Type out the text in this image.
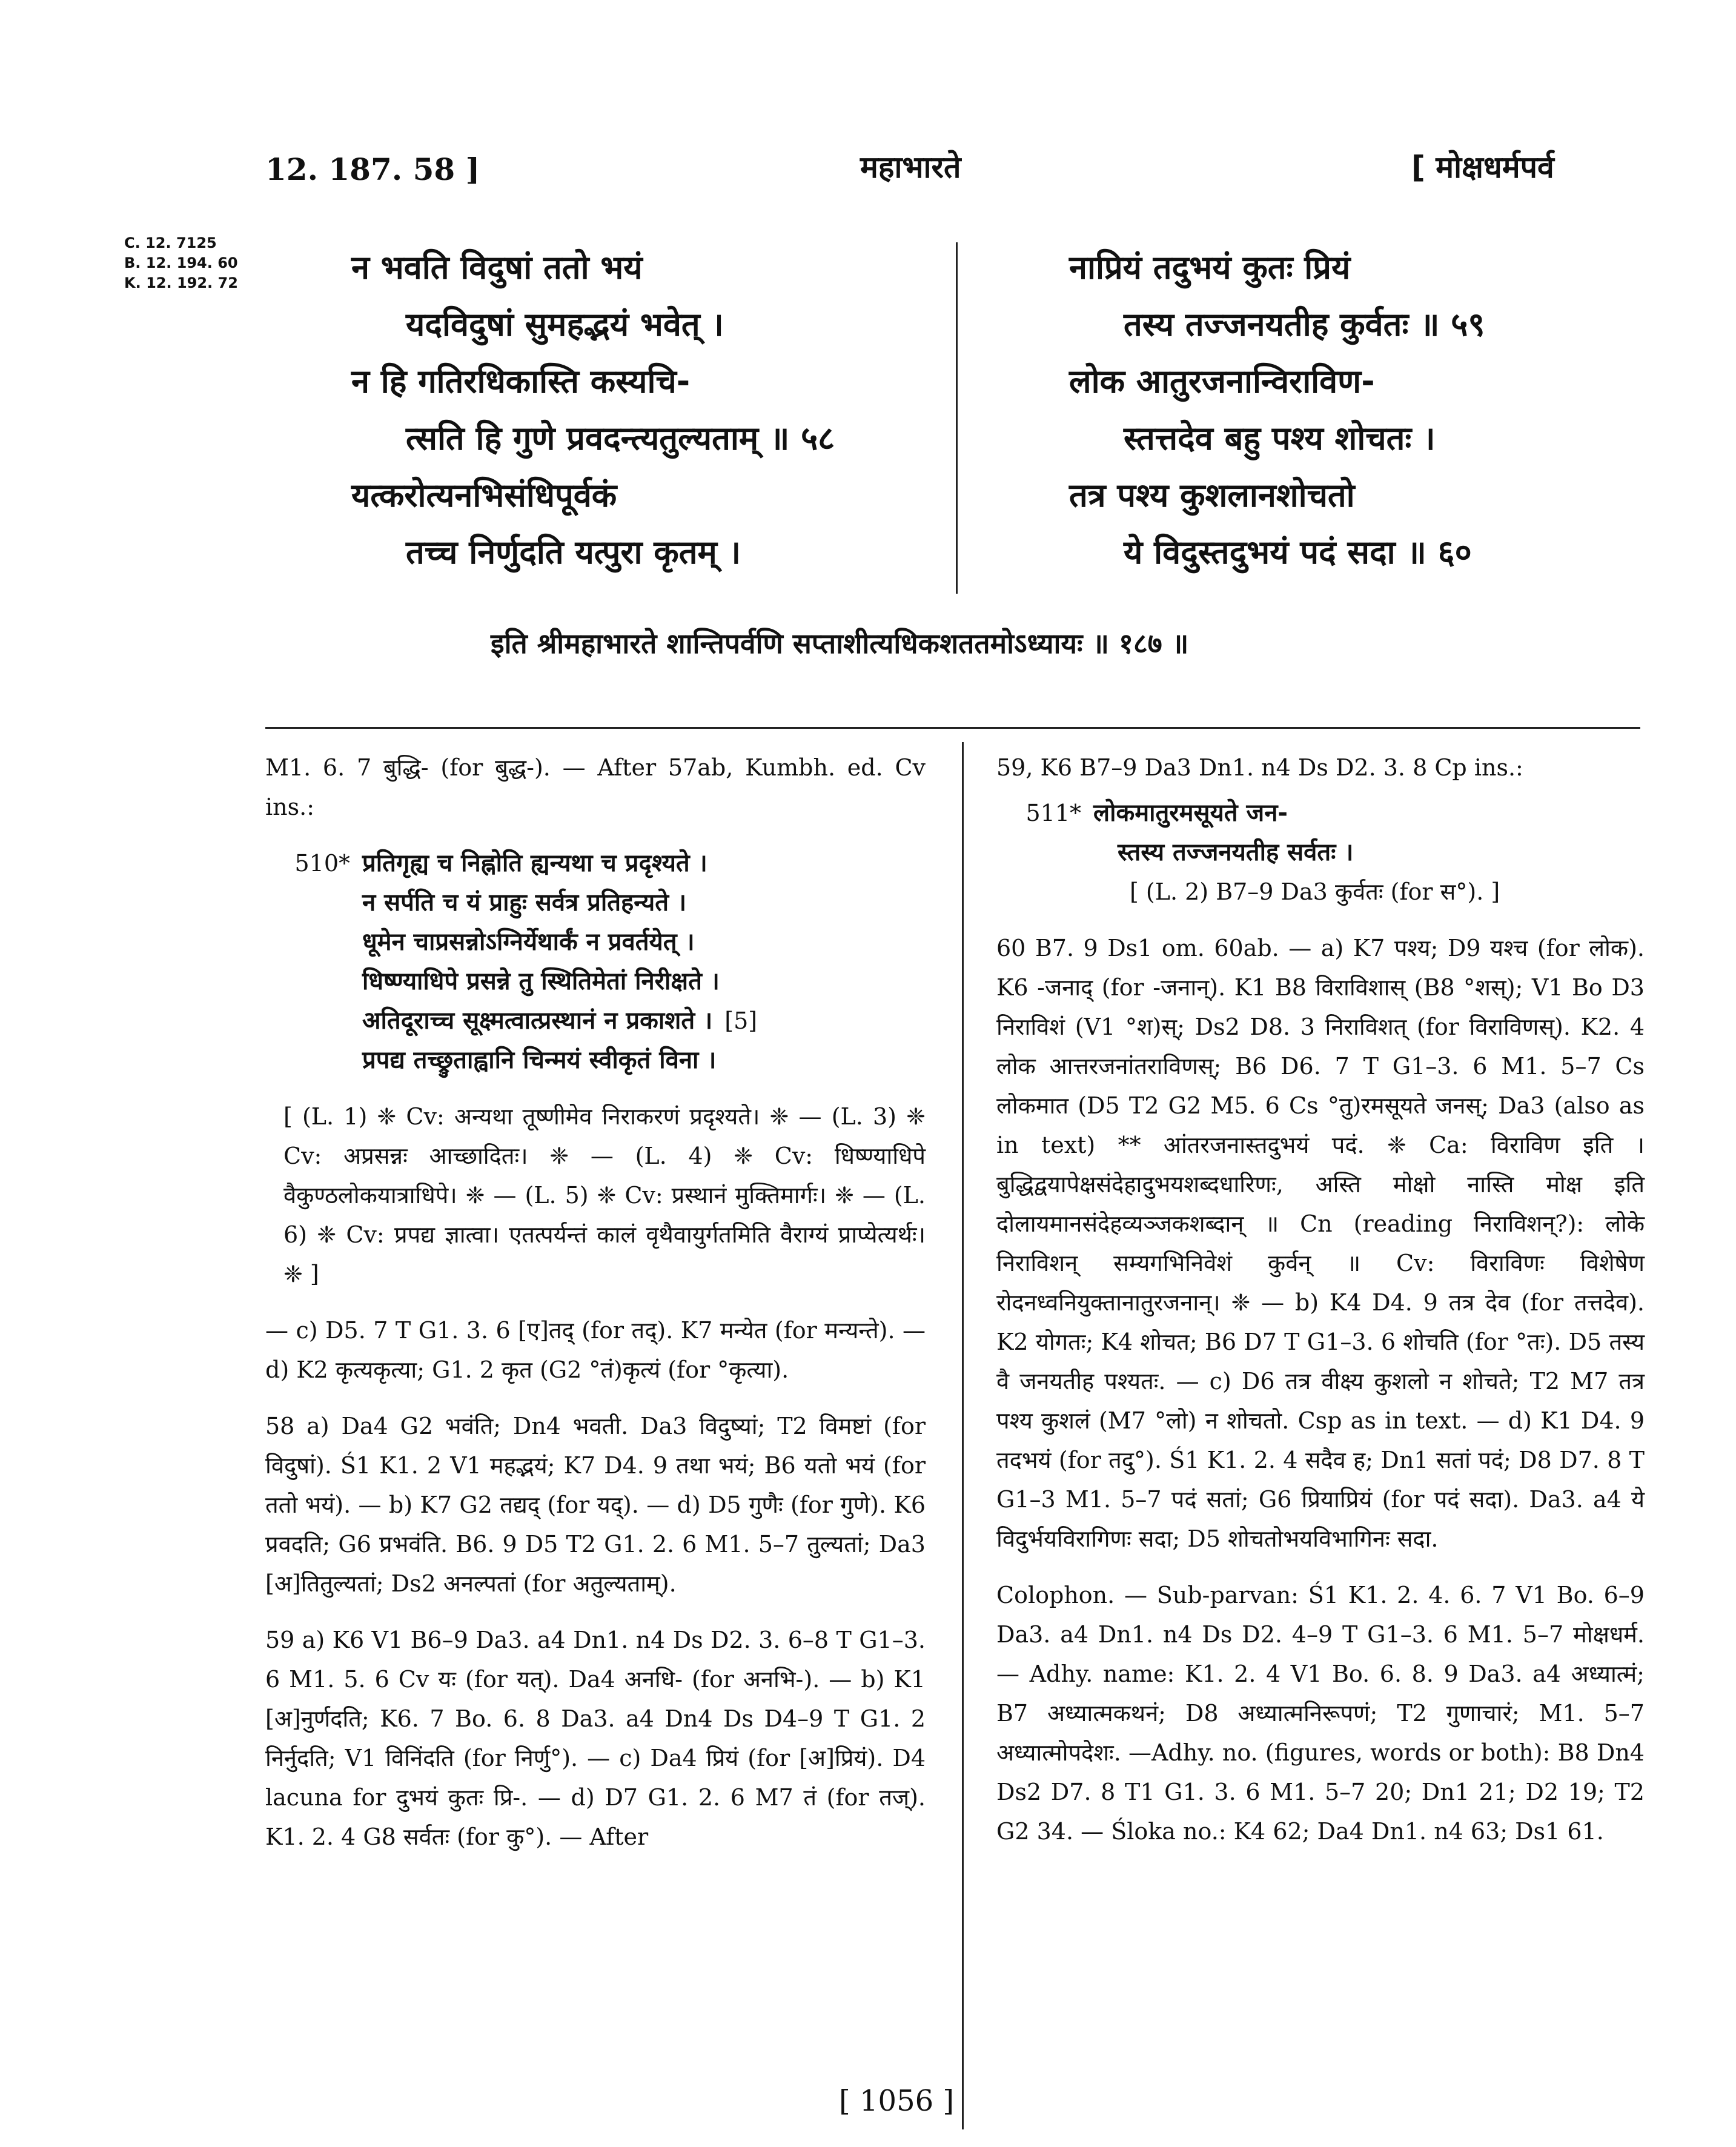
12. 187. 58 ]	महाभारते	[ मोक्षधर्मपर्व
C. 12. 7125
B. 12. 194. 60
K. 12. 192. 72	न भवति विदुषां ततो भयं
यदविदुषां सुमहद्भयं भवेत् ।
न हि गतिरधिकास्ति कस्यचि-
त्सति हि गुणे प्रवदन्त्यतुल्यताम् ॥ ५८
यत्करोत्यनभिसंधिपूर्वकं
तच्च निर्णुदति यत्पुरा कृतम् ।
नाप्रियं तदुभयं कुतः प्रियं
तस्य तज्जनयतीह कुर्वतः ॥ ५९
लोक आतुरजनान्विराविण-
स्तत्तदेव बहु पश्य शोचतः ।
तत्र पश्य कुशलानशोचतो
ये विदुस्तदुभयं पदं सदा ॥ ६०
इति श्रीमहाभारते शान्तिपर्वणि सप्ताशीत्यधिकशततमोऽध्यायः ॥ १८७ ॥

M1. 6. 7 बुद्धि- (for बुद्ध-). — After 57ab, Kumbh. ed. Cv ins.:

510* प्रतिगृह्य च निह्नोति ह्यन्यथा च प्रदृश्यते ।
न सर्पति च यं प्राहुः सर्वत्र प्रतिहन्यते ।
धूमेन चाप्रसन्नोऽग्निर्येथार्कं न प्रवर्तयेत् ।
धिष्ण्याधिपे प्रसन्ने तु स्थितिमेतां निरीक्षते ।
अतिदूराच्च सूक्ष्मत्वात्प्रस्थानं न प्रकाशते । [5]
प्रपद्य तच्छ्रुताह्वानि चिन्मयं स्वीकृतं विना ।

[ (L. 1) ❈ Cv: अन्यथा तूष्णीमेव निराकरणं प्रदृश्यते। ❈ — (L. 3) ❈ Cv: अप्रसन्नः आच्छादितः। ❈ — (L. 4) ❈ Cv: धिष्ण्याधिपे वैकुण्ठलोकयात्राधिपे। ❈ — (L. 5) ❈ Cv: प्रस्थानं मुक्तिमार्गः। ❈ — (L. 6) ❈ Cv: प्रपद्य ज्ञात्वा। एतत्पर्यन्तं कालं वृथैवायुर्गतमिति वैराग्यं प्राप्येत्यर्थः। ❈ ]

— c) D5. 7 T G1. 3. 6 [ए]तद् (for तद्). K7 मन्येत (for मन्यन्ते). — d) K2 कृत्यकृत्या; G1. 2 कृत (G2 °तं)कृत्यं (for °कृत्या).

58 a) Da4 G2 भवंति; Dn4 भवती. Da3 विदुष्यां; T2 विमष्टां (for विदुषां). Ś1 K1. 2 V1 महद्भयं; K7 D4. 9 तथा भयं; B6 यतो भयं (for ततो भयं). — b) K7 G2 तद्यद् (for यद्). — d) D5 गुणैः (for गुणे). K6 प्रवदति; G6 प्रभवंति. B6. 9 D5 T2 G1. 2. 6 M1. 5–7 तुल्यतां; Da3 [अ]तितुल्यतां; Ds2 अनल्पतां (for अतुल्यताम्).

59 a) K6 V1 B6–9 Da3. a4 Dn1. n4 Ds D2. 3. 6–8 T G1–3. 6 M1. 5. 6 Cv यः (for यत्). Da4 अनधि- (for अनभि-). — b) K1 [अ]नुर्णदति; K6. 7 Bo. 6. 8 Da3. a4 Dn4 Ds D4–9 T G1. 2 निर्नुदति; V1 विनिंदति (for निर्णु°). — c) Da4 प्रियं (for [अ]प्रियं). D4 lacuna for दुभयं कुतः प्रि-. — d) D7 G1. 2. 6 M7 तं (for तज्). K1. 2. 4 G8 सर्वतः (for कु°). — After

59, K6 B7–9 Da3 Dn1. n4 Ds D2. 3. 8 Cp ins.:

511* लोकमातुरमसूयते जन-
स्तस्य तज्जनयतीह सर्वतः ।
[ (L. 2) B7–9 Da3 कुर्वतः (for स°). ]

60 B7. 9 Ds1 om. 60ab. — a) K7 पश्य; D9 यश्च (for लोक). K6 -जनाद् (for -जनान्). K1 B8 विराविशास् (B8 °शस्); V1 Bo D3 निराविशं (V1 °श)स्; Ds2 D8. 3 निराविशत् (for विराविणस्). K2. 4 लोक आत्तरजनांतराविणस्; B6 D6. 7 T G1–3. 6 M1. 5–7 Cs लोकमात (D5 T2 G2 M5. 6 Cs °तु)रमसूयते जनस्; Da3 (also as in text) ** आंतरजनास्तदुभयं पदं. ❈ Ca: विराविण इति । बुद्धिद्वयापेक्षसंदेहादुभयशब्दधारिणः, अस्ति मोक्षो नास्ति मोक्ष इति दोलायमानसंदेहव्यञ्जकशब्दान् ॥ Cn (reading निराविशन्?): लोके निराविशन् सम्यगभिनिवेशं कुर्वन् ॥ Cv: विराविणः विशेषेण रोदनध्वनियुक्तानातुरजनान्। ❈ — b) K4 D4. 9 तत्र देव (for तत्तदेव). K2 योगतः; K4 शोचत; B6 D7 T G1–3. 6 शोचति (for °तः). D5 तस्य वै जनयतीह पश्यतः. — c) D6 तत्र वीक्ष्य कुशलो न शोचते; T2 M7 तत्र पश्य कुशलं (M7 °लो) न शोचतो. Csp as in text. — d) K1 D4. 9 तदभयं (for तदु°). Ś1 K1. 2. 4 सदैव ह; Dn1 सतां पदं; D8 D7. 8 T G1–3 M1. 5–7 पदं सतां; G6 प्रियाप्रियं (for पदं सदा). Da3. a4 ये विदुर्भयविरागिणः सदा; D5 शोचतोभयविभागिनः सदा.

Colophon. — Sub-parvan: Ś1 K1. 2. 4. 6. 7 V1 Bo. 6–9 Da3. a4 Dn1. n4 Ds D2. 4–9 T G1–3. 6 M1. 5–7 मोक्षधर्म. — Adhy. name: K1. 2. 4 V1 Bo. 6. 8. 9 Da3. a4 अध्यात्मं; B7 अध्यात्मकथनं; D8 अध्यात्मनिरूपणं; T2 गुणाचारं; M1. 5–7 अध्यात्मोपदेशः. —Adhy. no. (figures, words or both): B8 Dn4 Ds2 D7. 8 T1 G1. 3. 6 M1. 5–7 20; Dn1 21; D2 19; T2 G2 34. — Śloka no.: K4 62; Da4 Dn1. n4 63; Ds1 61.

[ 1056 ]
